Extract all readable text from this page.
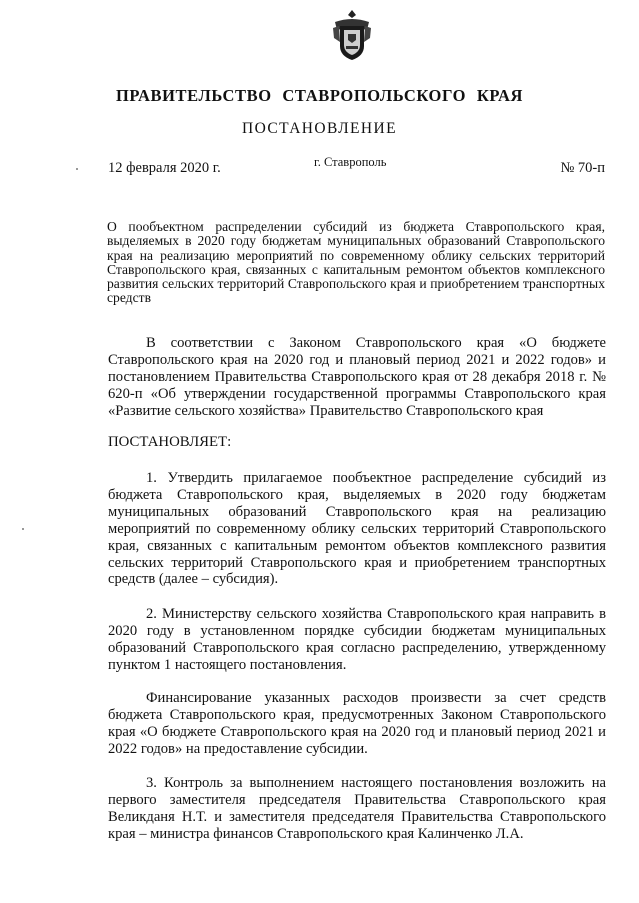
ПРАВИТЕЛЬСТВО СТАВРОПОЛЬСКОГО КРАЯ
ПОСТАНОВЛЕНИЕ
12 февраля 2020 г.	г. Ставрополь	№ 70-п
О пообъектном распределении субсидий из бюджета Ставропольского края, выделяемых в 2020 году бюджетам муниципальных образований Ставропольского края на реализацию мероприятий по современному облику сельских территорий Ставропольского края, связанных с капитальным ремонтом объектов комплексного развития сельских территорий Ставропольского края и приобретением транспортных средств
В соответствии с Законом Ставропольского края «О бюджете Ставропольского края на 2020 год и плановый период 2021 и 2022 годов» и постановлением Правительства Ставропольского края от 28 декабря 2018 г. № 620-п «Об утверждении государственной программы Ставропольского края «Развитие сельского хозяйства» Правительство Ставропольского края
ПОСТАНОВЛЯЕТ:
1. Утвердить прилагаемое пообъектное распределение субсидий из бюджета Ставропольского края, выделяемых в 2020 году бюджетам муниципальных образований Ставропольского края на реализацию мероприятий по современному облику сельских территорий Ставропольского края, связанных с капитальным ремонтом объектов комплексного развития сельских территорий Ставропольского края и приобретением транспортных средств (далее – субсидия).
2. Министерству сельского хозяйства Ставропольского края направить в 2020 году в установленном порядке субсидии бюджетам муниципальных образований Ставропольского края согласно распределению, утвержденному пунктом 1 настоящего постановления.
Финансирование указанных расходов произвести за счет средств бюджета Ставропольского края, предусмотренных Законом Ставропольского края «О бюджете Ставропольского края на 2020 год и плановый период 2021 и 2022 годов» на предоставление субсидии.
3. Контроль за выполнением настоящего постановления возложить на первого заместителя председателя Правительства Ставропольского края Великданя Н.Т. и заместителя председателя Правительства Ставропольского края – министра финансов Ставропольского края Калинченко Л.А.
